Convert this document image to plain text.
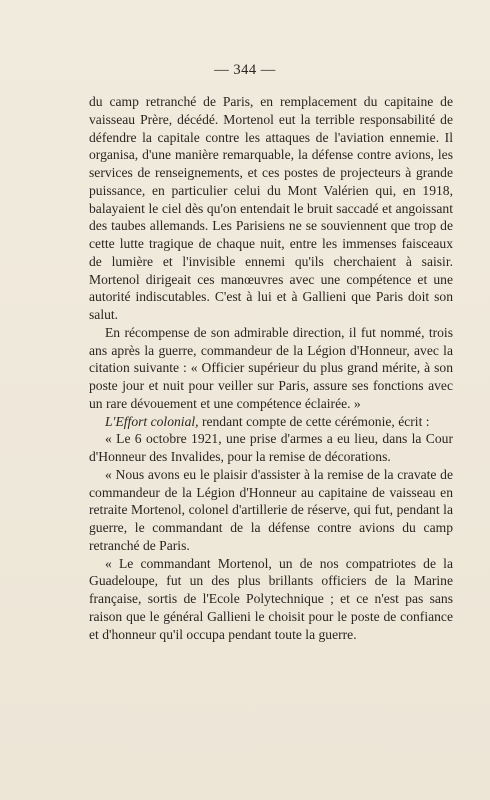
— 344 —

du camp retranché de Paris, en remplacement du capitaine de vaisseau Prère, décédé. Mortenol eut la terrible responsabilité de défendre la capitale contre les attaques de l'aviation ennemie. Il organisa, d'une manière remarquable, la défense contre avions, les services de renseignements, et ces postes de projecteurs à grande puissance, en particulier celui du Mont Valérien qui, en 1918, balayaient le ciel dès qu'on entendait le bruit saccadé et angoissant des taubes allemands. Les Parisiens ne se souviennent que trop de cette lutte tragique de chaque nuit, entre les immenses faisceaux de lumière et l'invisible ennemi qu'ils cherchaient à saisir. Mortenol dirigeait ces manœuvres avec une compétence et une autorité indiscutables. C'est à lui et à Gallieni que Paris doit son salut.

En récompense de son admirable direction, il fut nommé, trois ans après la guerre, commandeur de la Légion d'Honneur, avec la citation suivante : « Officier supérieur du plus grand mérite, à son poste jour et nuit pour veiller sur Paris, assure ses fonctions avec un rare dévouement et une compétence éclairée. »

L'Effort colonial, rendant compte de cette cérémonie, écrit :

« Le 6 octobre 1921, une prise d'armes a eu lieu, dans la Cour d'Honneur des Invalides, pour la remise de décorations.

« Nous avons eu le plaisir d'assister à la remise de la cravate de commandeur de la Légion d'Honneur au capitaine de vaisseau en retraite Mortenol, colonel d'artillerie de réserve, qui fut, pendant la guerre, le commandant de la défense contre avions du camp retranché de Paris.

« Le commandant Mortenol, un de nos compatriotes de la Guadeloupe, fut un des plus brillants officiers de la Marine française, sortis de l'Ecole Polytechnique ; et ce n'est pas sans raison que le général Gallieni le choisit pour le poste de confiance et d'honneur qu'il occupa pendant toute la guerre.
